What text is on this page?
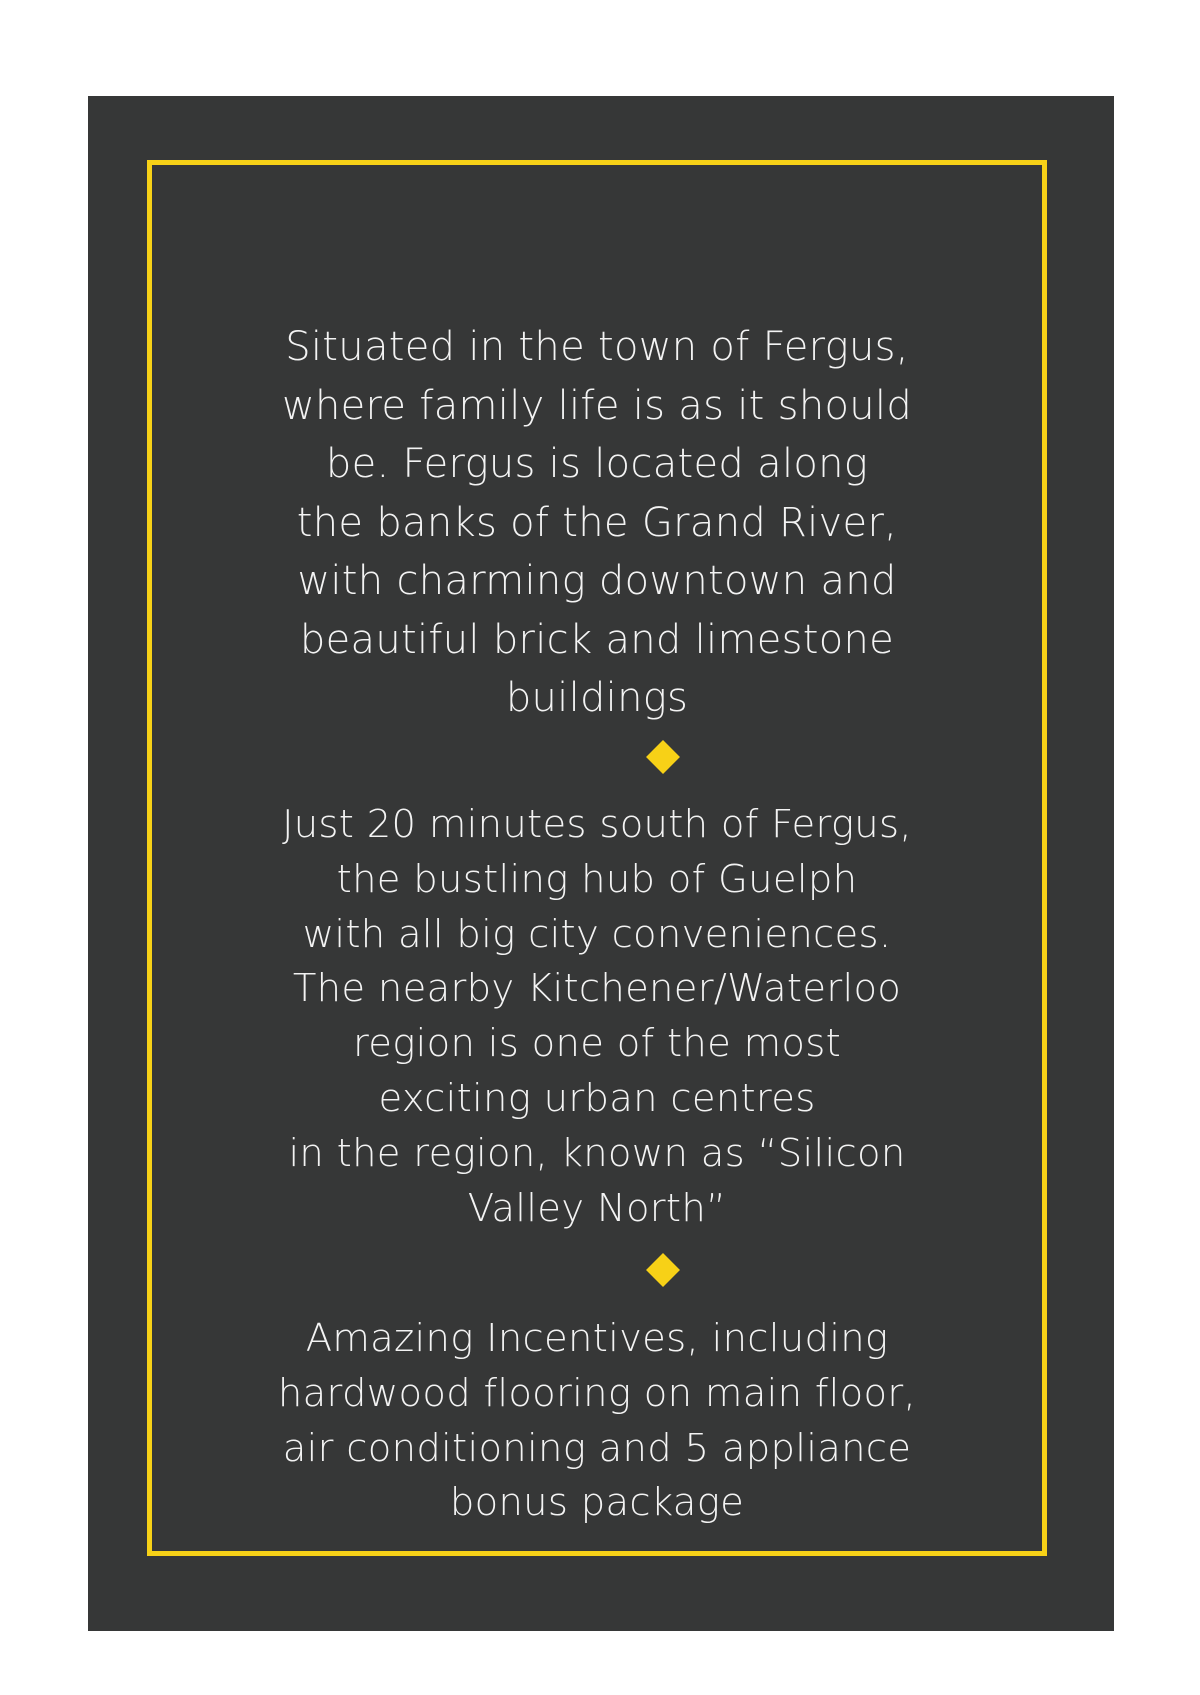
Situated in the town of Fergus,
where family life is as it should
be. Fergus is located along
the banks of the Grand River,
with charming downtown and
beautiful brick and limestone
buildings
Just 20 minutes south of Fergus,
the bustling hub of Guelph
with all big city conveniences.
The nearby Kitchener/Waterloo
region is one of the most
exciting urban centres
in the region, known as “Silicon
Valley North”
Amazing Incentives, including
hardwood flooring on main floor,
air conditioning and 5 appliance
bonus package
